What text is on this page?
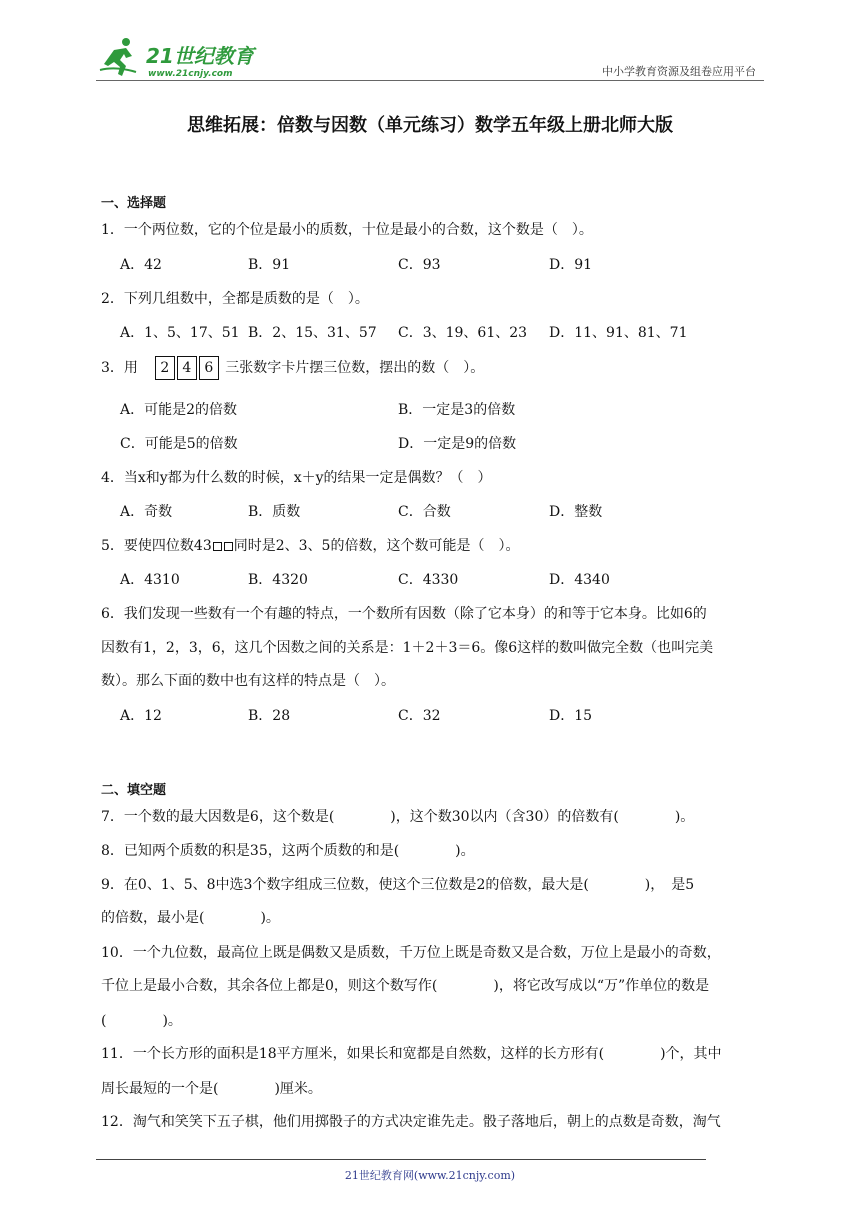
21世纪教育
www.21cnjy.com	中小学教育资源及组卷应用平台
思维拓展：倍数与因数（单元练习）数学五年级上册北师大版
一、选择题
1．一个两位数，它的个位是最小的质数，十位是最小的合数，这个数是（　）。
A．42	B．91	C．93	D．91
2．下列几组数中，全都是质数的是（　）。
A．1、5、17、51 B．2、15、31、57 C．3、19、61、23 D．11、91、81、71
3．用 2 4 6 三张数字卡片摆三位数，摆出的数（　）。
A．可能是2的倍数	B．一定是3的倍数
C．可能是5的倍数	D．一定是9的倍数
4．当x和y都为什么数的时候，x＋y的结果一定是偶数？（　）
A．奇数	B．质数	C．合数	D．整数
5．要使四位数43 同时是2、3、5的倍数，这个数可能是（　）。
A．4310	B．4320	C．4330	D．4340
6．我们发现一些数有一个有趣的特点，一个数所有因数（除了它本身）的和等于它本身。比如6的
因数有1，2，3，6，这几个因数之间的关系是：1＋2＋3＝6。像6这样的数叫做完全数（也叫完美
数）。那么下面的数中也有这样的特点是（　）。
A．12	B．28	C．32	D．15
二、填空题
7．一个数的最大因数是6，这个数是(　　　　)，这个数30以内（含30）的倍数有(　　　　)。
8．已知两个质数的积是35，这两个质数的和是(　　　　)。
9．在0、1、5、8中选3个数字组成三位数，使这个三位数是2的倍数，最大是(　　　　)，　是5
的倍数，最小是(　　　　)。
10．一个九位数，最高位上既是偶数又是质数，千万位上既是奇数又是合数，万位上是最小的奇数，
千位上是最小合数，其余各位上都是0，则这个数写作(　　　　)，将它改写成以“万”作单位的数是
(　　　　)。
11．一个长方形的面积是18平方厘米，如果长和宽都是自然数，这样的长方形有(　　　　)个，其中
周长最短的一个是(　　　　)厘米。
12．淘气和笑笑下五子棋，他们用掷骰子的方式决定谁先走。骰子落地后，朝上的点数是奇数，淘气
21世纪教育网(www.21cnjy.com)
